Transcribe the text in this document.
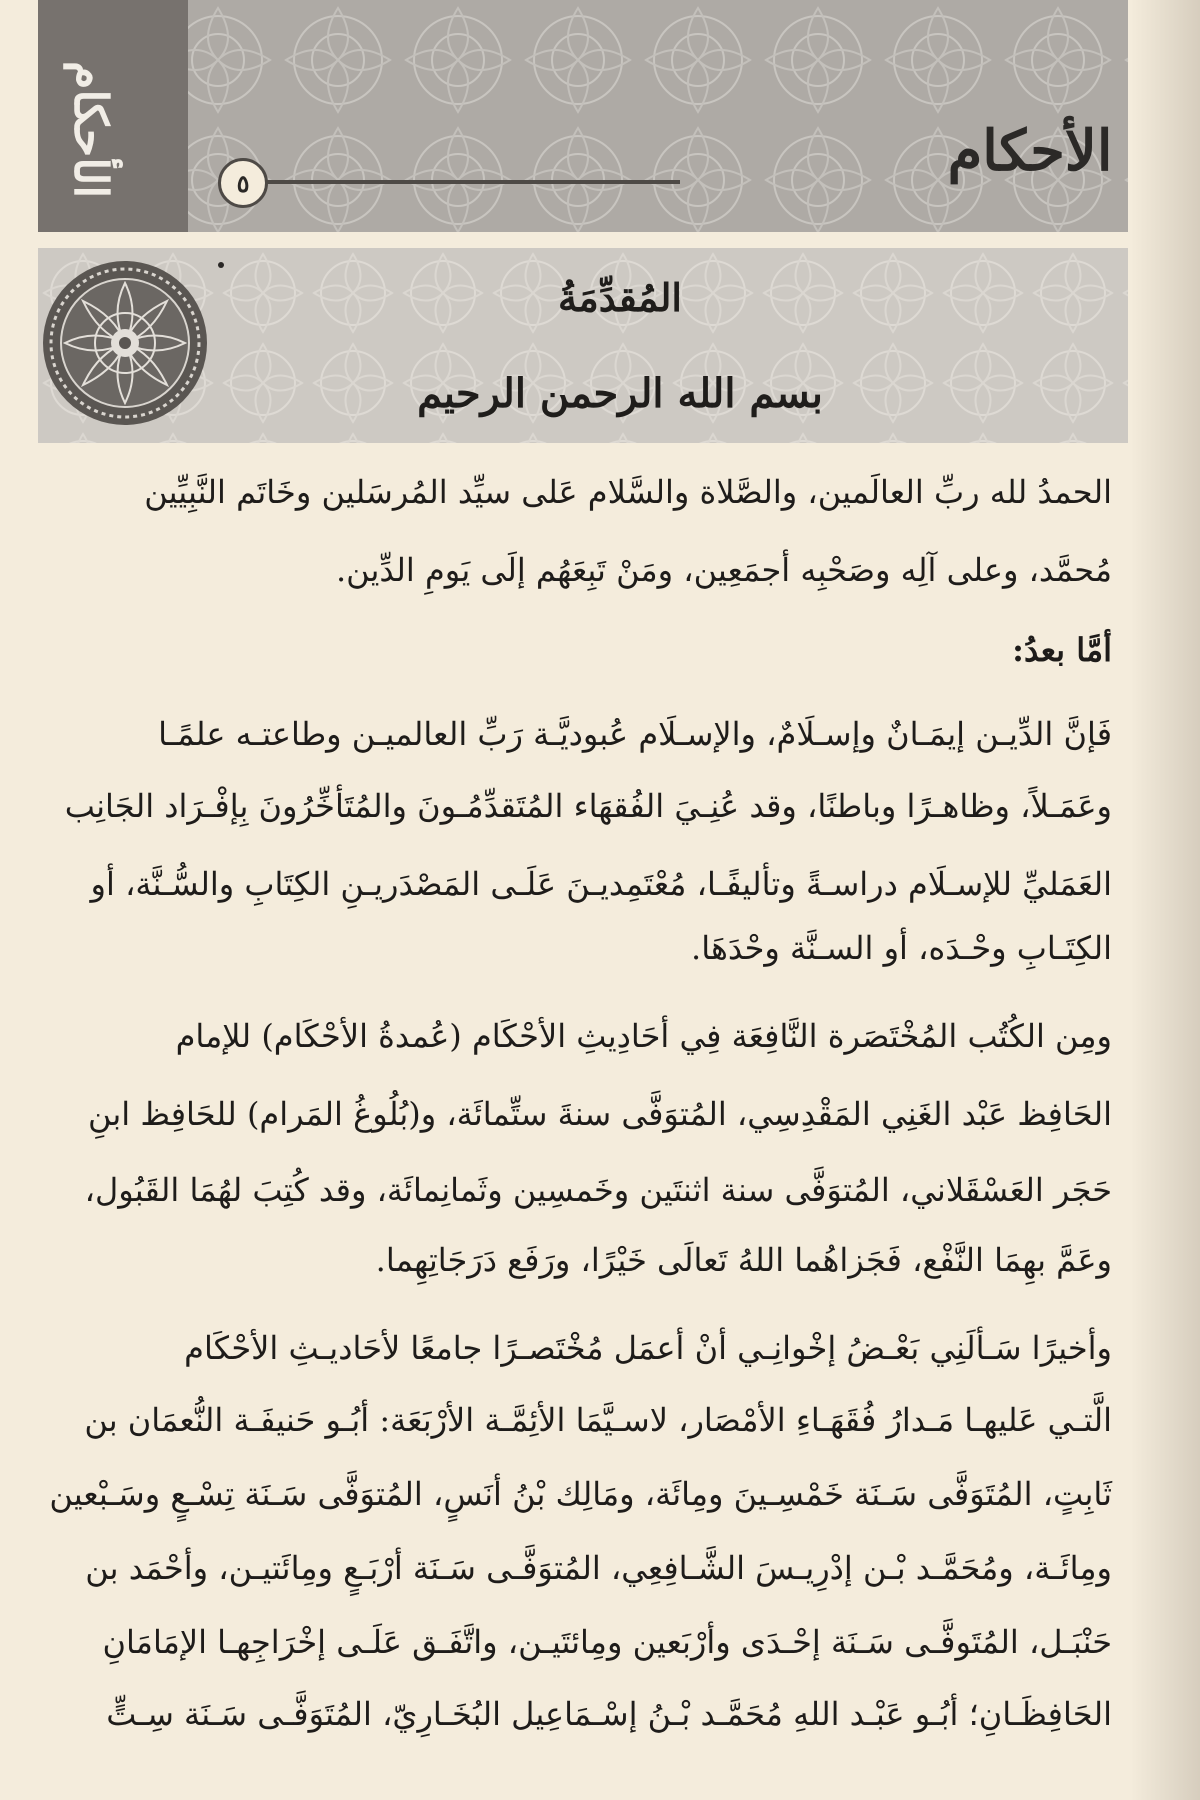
الأحكام	٥	الأحكام
المُقدِّمَةُ
بسم الله الرحمن الرحيم
الحمدُ لله ربِّ العالَمين، والصَّلاة والسَّلام عَلى سيِّد المُرسَلين وخَاتَم النَّبِيِّين
مُحمَّد، وعلى آلِه وصَحْبِه أجمَعِين، ومَنْ تَبِعَهُم إلَى يَومِ الدِّين.
أمَّا بعدُ:
فَإنَّ الدِّيـن إيمَـانٌ وإسـلَامٌ، والإسـلَام عُبوديَّـة رَبِّ العالميـن وطاعتـه علمًـا
وعَمَـلاً، وظاهـرًا وباطنًا، وقد عُنِـيَ الفُقهَاء المُتَقدِّمُـونَ والمُتَأخِّرُونَ بِإفْـرَاد الجَانِب
العَمَليِّ للإسـلَام دراسـةً وتأليفًـا، مُعْتَمِديـنَ عَلَـى المَصْدَريـنِ الكِتَابِ والسُّـنَّة، أو
الكِتَـابِ وحْـدَه، أو السـنَّة وحْدَهَا.
ومِن الكُتُب المُخْتَصَرة النَّافِعَة فِي أحَادِيثِ الأحْكَام (عُمدةُ الأحْكَام) للإمام
الحَافِظ عَبْد الغَنِي المَقْدِسِي، المُتوَفَّى سنةَ ستِّمائَة، و(بُلُوغُ المَرام) للحَافِظ ابنِ
حَجَر العَسْقَلاني، المُتوَفَّى سنة اثنتَين وخَمسِين وثَمانِمائَة، وقد كُتِبَ لهُمَا القَبُول،
وعَمَّ بهِمَا النَّفْع، فَجَزاهُما اللهُ تَعالَى خَيْرًا، ورَفَع دَرَجَاتِهِما.
وأخيرًا سَـألَنِي بَعْـضُ إخْوانِـي أنْ أعمَل مُخْتَصـرًا جامعًا لأحَاديـثِ الأحْكَام
الَّتـي عَليهـا مَـدارُ فُقَهَـاءِ الأمْصَار، لاسـيَّمَا الأئِمَّـة الأرْبَعَة: أبُـو حَنيفَـة النُّعمَان بن
ثَابِتٍ، المُتَوَفَّى سَـنَة خَمْسِـينَ ومِائَة، ومَالِك بْنُ أنَسٍ، المُتوَفَّى سَـنَة تِسْـعٍ وسَـبْعين
ومِائَـة، ومُحَمَّـد بْـن إدْرِيـسَ الشَّـافِعِي، المُتوَفَّـى سَـنَة أرْبَـعٍ ومِائَتيـن، وأحْمَد بن
حَنْبَـل، المُتَوفَّـى سَـنَة إحْـدَى وأرْبَعين ومِائتَيـن، واتَّفَـق عَلَـى إخْرَاجِهـا الإمَامَانِ
الحَافِظَـانِ؛ أبُـو عَبْـد اللهِ مُحَمَّـد بْـنُ إسْـمَاعِيل البُخَـارِيّ، المُتَوَفَّـى سَـنَة سِـتٍّ
